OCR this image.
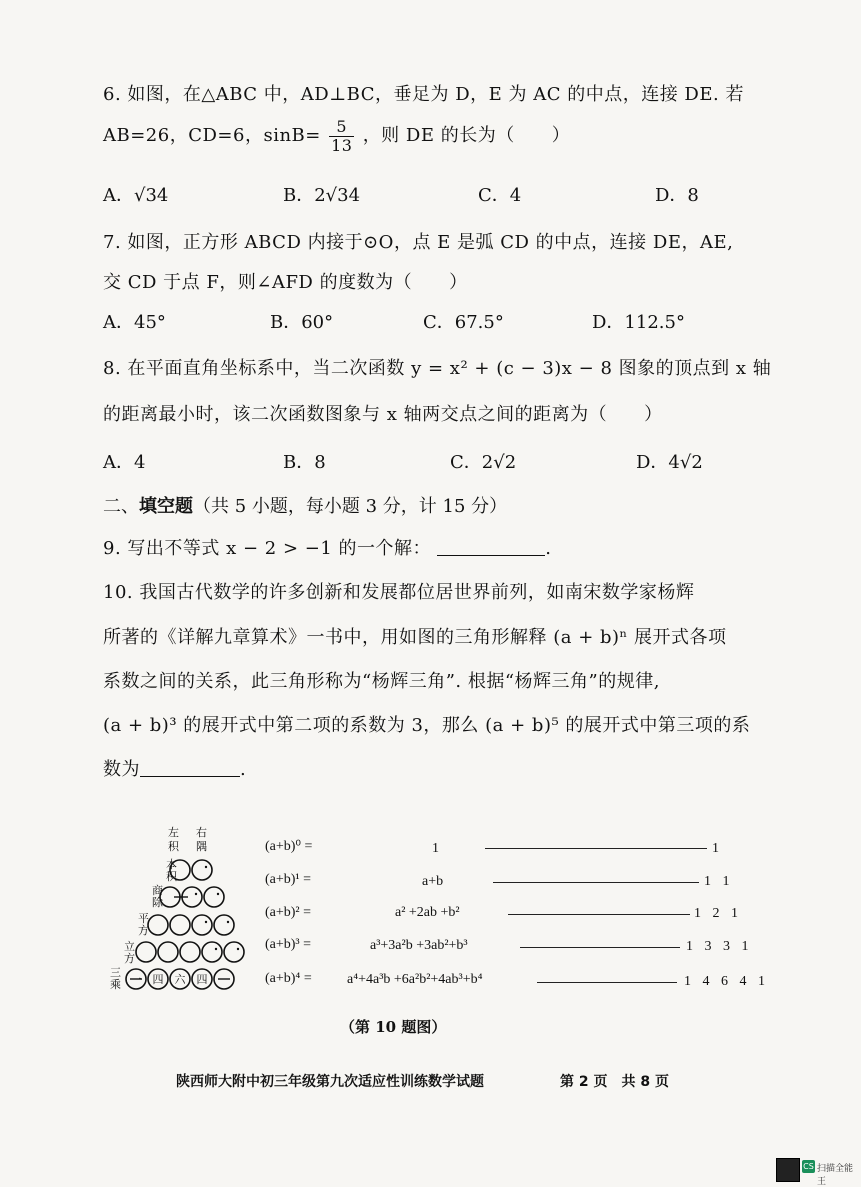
6. 如图，在△ABC 中，AD⊥BC，垂足为 D，E 为 AC 的中点，连接 DE. 若
AB=26，CD=6，$\sin B= \frac{5}{13}$ ，则 DE 的长为（　　）
A．√34	B．2√34	C．4	D．8
7. 如图，正方形 ABCD 内接于⊙O，点 E 是弧 CD 的中点，连接 DE，AE,
交 CD 于点 F，则∠AFD 的度数为（　　）
A．45°	B．60°	C．67.5°	D．112.5°
8. 在平面直角坐标系中，当二次函数 y = x² + (c − 3)x − 8 图象的顶点到 x 轴
的距离最小时，该二次函数图象与 x 轴两交点之间的距离为（　　）
A．4	B．8	C．2√2	D．4√2
二、填空题（共 5 小题，每小题 3 分，计 15 分）
9. 写出不等式 x − 2 > −1 的一个解：	.
10. 我国古代数学的许多创新和发展都位居世界前列，如南宋数学家杨辉
所著的《详解九章算术》一书中，用如图的三角形解释 (a + b)ⁿ 展开式各项
系数之间的关系，此三角形称为“杨辉三角”. 根据“杨辉三角”的规律,
(a + b)³ 的展开式中第二项的系数为 3，那么 (a + b)⁵ 的展开式中第三项的系
数为	.
左
积
右
隅
本
积
商
除
平
方
立
方
三
乘 一 四 六 四
(a+b)⁰ =	1	1
(a+b)¹ =	a+b	1 1
(a+b)² =	a² +2ab +b²	1 2 1
(a+b)³ =	a³+3a²b +3ab²+b³	1 3 3 1
(a+b)⁴ =	a⁴+4a³b +6a²b²+4ab³+b⁴	1 4 6 4 1
（第 10 题图）
陕西师大附中初三年级第九次适应性训练数学试题	第 2 页　共 8 页
CS 扫描全能王
